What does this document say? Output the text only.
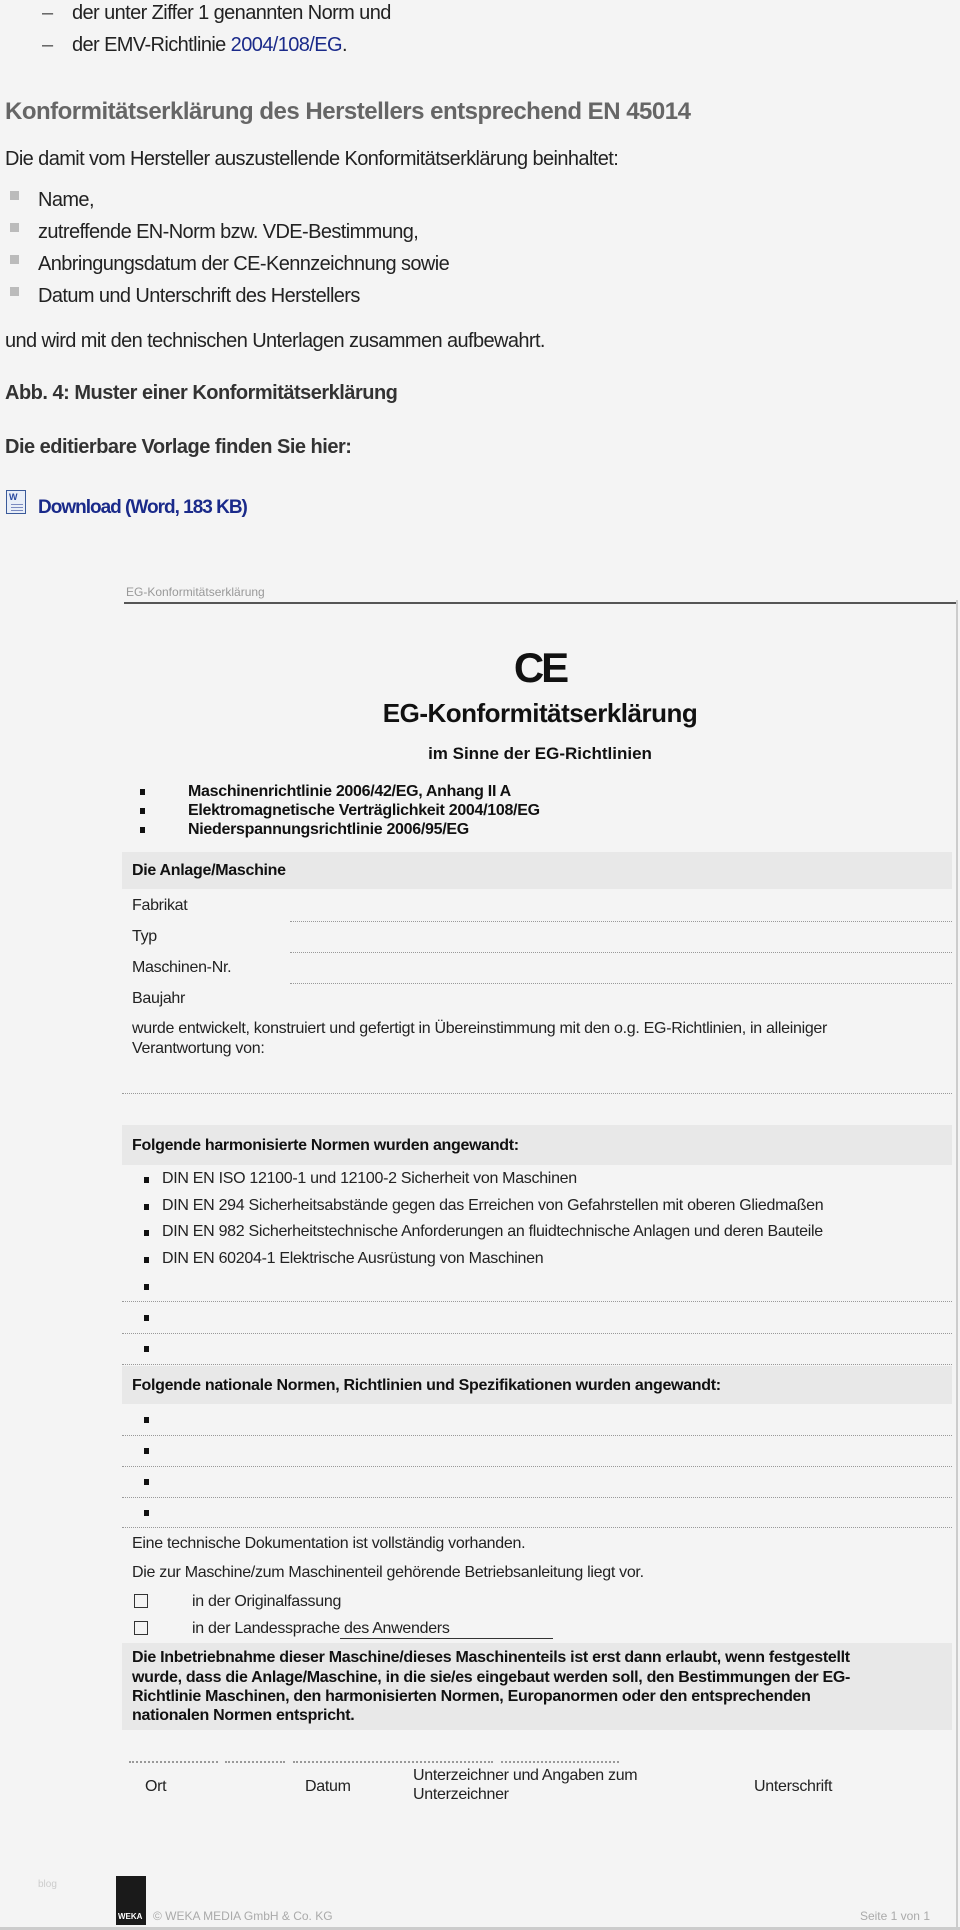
– der unter Ziffer 1 genannten Norm und
– der EMV-Richtlinie 2004/108/EG.
Konformitätserklärung des Herstellers entsprechend EN 45014

Die damit vom Hersteller auszustellende Konformitätserklärung beinhaltet:

Name,
zutreffende EN-Norm bzw. VDE-Bestimmung,
Anbringungsdatum der CE-Kennzeichnung sowie
Datum und Unterschrift des Herstellers

und wird mit den technischen Unterlagen zusammen aufbewahrt.

Abb. 4: Muster einer Konformitätserklärung

Die editierbare Vorlage finden Sie hier:

W Download (Word, 183 KB)
EG-Konformitätserklärung
CE
EG-Konformitätserklärung
im Sinne der EG-Richtlinien
Maschinenrichtlinie 2006/42/EG, Anhang II A
Elektromagnetische Verträglichkeit 2004/108/EG
Niederspannungsrichtlinie 2006/95/EG
Die Anlage/Maschine
Fabrikat
Typ
Maschinen-Nr.
Baujahr
wurde entwickelt, konstruiert und gefertigt in Übereinstimmung mit den o.g. EG-Richtlinien, in alleiniger
Verantwortung von:
Folgende harmonisierte Normen wurden angewandt:
DIN EN ISO 12100-1 und 12100-2 Sicherheit von Maschinen
DIN EN 294 Sicherheitsabstände gegen das Erreichen von Gefahrstellen mit oberen Gliedmaßen
DIN EN 982 Sicherheitstechnische Anforderungen an fluidtechnische Anlagen und deren Bauteile
DIN EN 60204-1 Elektrische Ausrüstung von Maschinen
Folgende nationale Normen, Richtlinien und Spezifikationen wurden angewandt:
Eine technische Dokumentation ist vollständig vorhanden.
Die zur Maschine/zum Maschinenteil gehörende Betriebsanleitung liegt vor.
in der Originalfassung
in der Landessprache des Anwenders
Die Inbetriebnahme dieser Maschine/dieses Maschinenteils ist erst dann erlaubt, wenn festgestellt
wurde, dass die Anlage/Maschine, in die sie/es eingebaut werden soll, den Bestimmungen der EG-
Richtlinie Maschinen, den harmonisierten Normen, Europanormen oder den entsprechenden
nationalen Normen entspricht.
Ort	Datum
Unterzeichner und Angaben zum
Unterzeichner	Unterschrift
blog
WEKA © WEKA MEDIA GmbH & Co. KG	Seite 1 von 1
